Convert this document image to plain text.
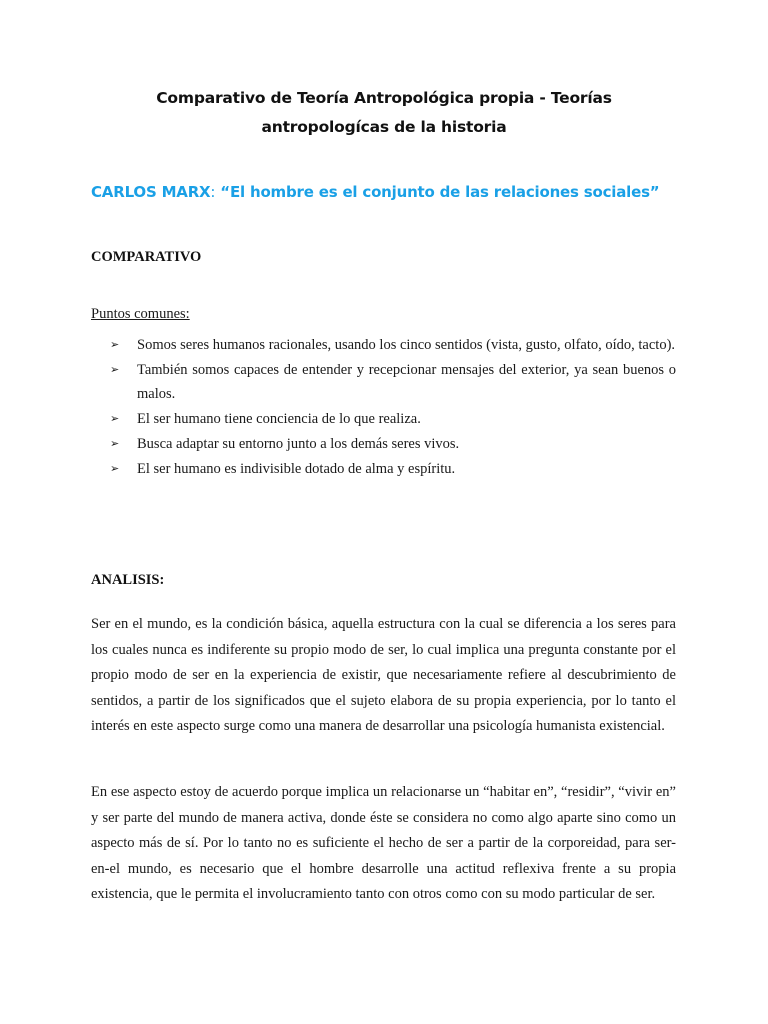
Comparativo de Teoría Antropológica propia - Teorías
antropologícas de la historia
CARLOS MARX: “El hombre es el conjunto de las relaciones sociales”
COMPARATIVO
Puntos comunes:
➢ Somos seres humanos racionales, usando los cinco sentidos (vista, gusto, olfato, oído, tacto).
➢ También somos capaces de entender y recepcionar mensajes del exterior, ya sean buenos o malos.
➢ El ser humano tiene conciencia de lo que realiza.
➢ Busca adaptar su entorno junto a los demás seres vivos.
➢ El ser humano es indivisible dotado de alma y espíritu.
ANALISIS:

Ser en el mundo, es la condición básica, aquella estructura con la cual se diferencia a los seres para los cuales nunca es indiferente su propio modo de ser, lo cual implica una pregunta constante por el propio modo de ser en la experiencia de existir, que necesariamente refiere al descubrimiento de sentidos, a partir de los significados que el sujeto elabora de su propia experiencia, por lo tanto el interés en este aspecto surge como una manera de desarrollar una psicología humanista existencial.

En ese aspecto estoy de acuerdo porque implica un relacionarse un “habitar en”, “residir”, “vivir en” y ser parte del mundo de manera activa, donde éste se considera no como algo aparte sino como un aspecto más de sí. Por lo tanto no es suficiente el hecho de ser a partir de la corporeidad, para ser-en-el mundo, es necesario que el hombre desarrolle una actitud reflexiva frente a su propia existencia, que le permita el involucramiento tanto con otros como con su modo particular de ser.
